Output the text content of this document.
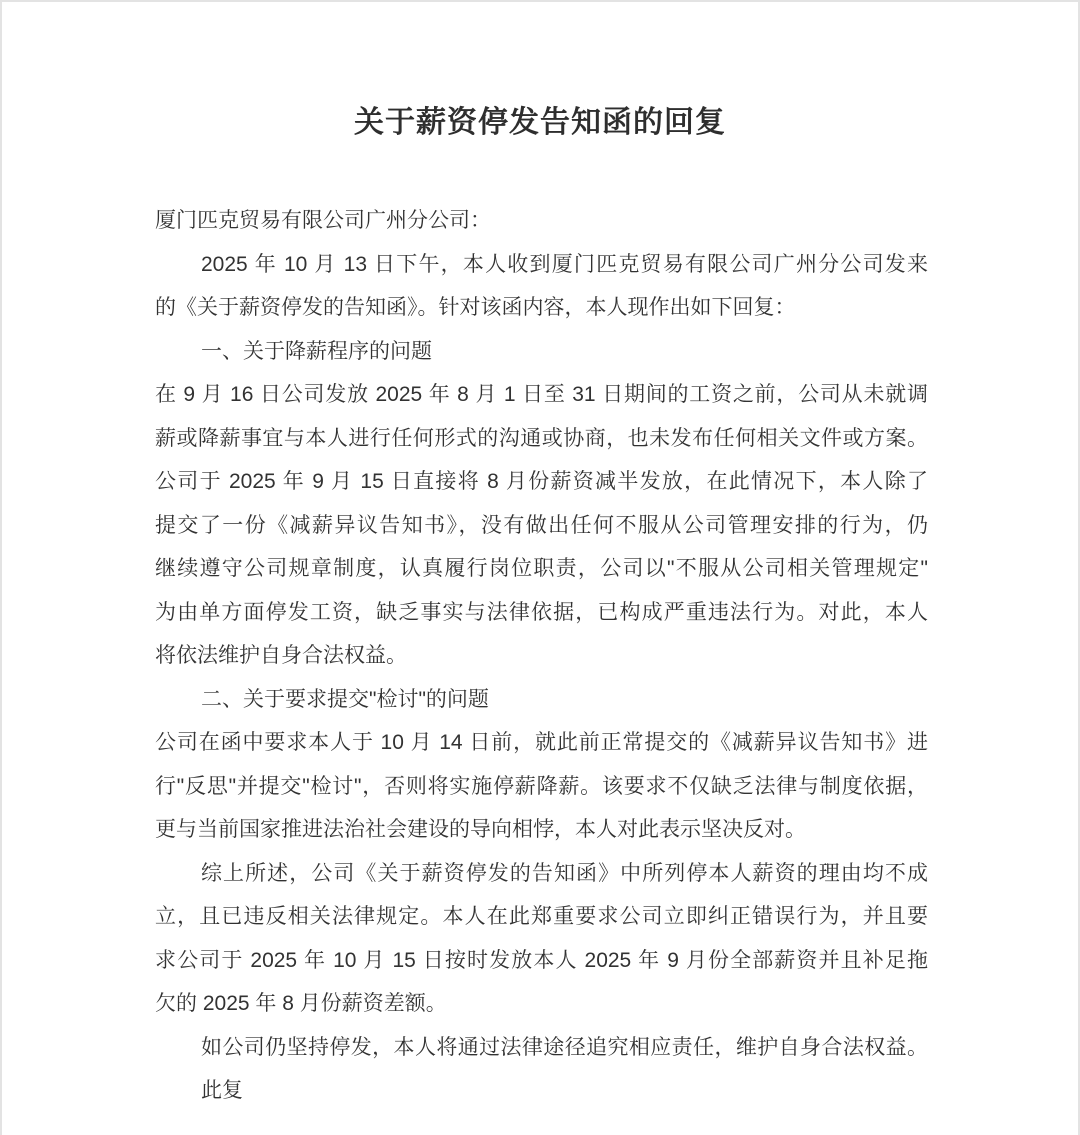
关于薪资停发告知函的回复
厦门匹克贸易有限公司广州分公司：
2025 年 10 月 13 日下午，本人收到厦门匹克贸易有限公司广州分公司发来
的《关于薪资停发的告知函》。针对该函内容，本人现作出如下回复：
一、关于降薪程序的问题
在 9 月 16 日公司发放 2025 年 8 月 1 日至 31 日期间的工资之前，公司从未就调
薪或降薪事宜与本人进行任何形式的沟通或协商，也未发布任何相关文件或方案。
公司于 2025 年 9 月 15 日直接将 8 月份薪资减半发放，在此情况下，本人除了
提交了一份《减薪异议告知书》，没有做出任何不服从公司管理安排的行为，仍
继续遵守公司规章制度，认真履行岗位职责，公司以"不服从公司相关管理规定"
为由单方面停发工资，缺乏事实与法律依据，已构成严重违法行为。对此，本人
将依法维护自身合法权益。
二、关于要求提交"检讨"的问题
公司在函中要求本人于 10 月 14 日前，就此前正常提交的《减薪异议告知书》进
行"反思"并提交"检讨"，否则将实施停薪降薪。该要求不仅缺乏法律与制度依据，
更与当前国家推进法治社会建设的导向相悖，本人对此表示坚决反对。
综上所述，公司《关于薪资停发的告知函》中所列停本人薪资的理由均不成
立，且已违反相关法律规定。本人在此郑重要求公司立即纠正错误行为，并且要
求公司于 2025 年 10 月 15 日按时发放本人 2025 年 9 月份全部薪资并且补足拖
欠的 2025 年 8 月份薪资差额。
如公司仍坚持停发，本人将通过法律途径追究相应责任，维护自身合法权益。
此复
